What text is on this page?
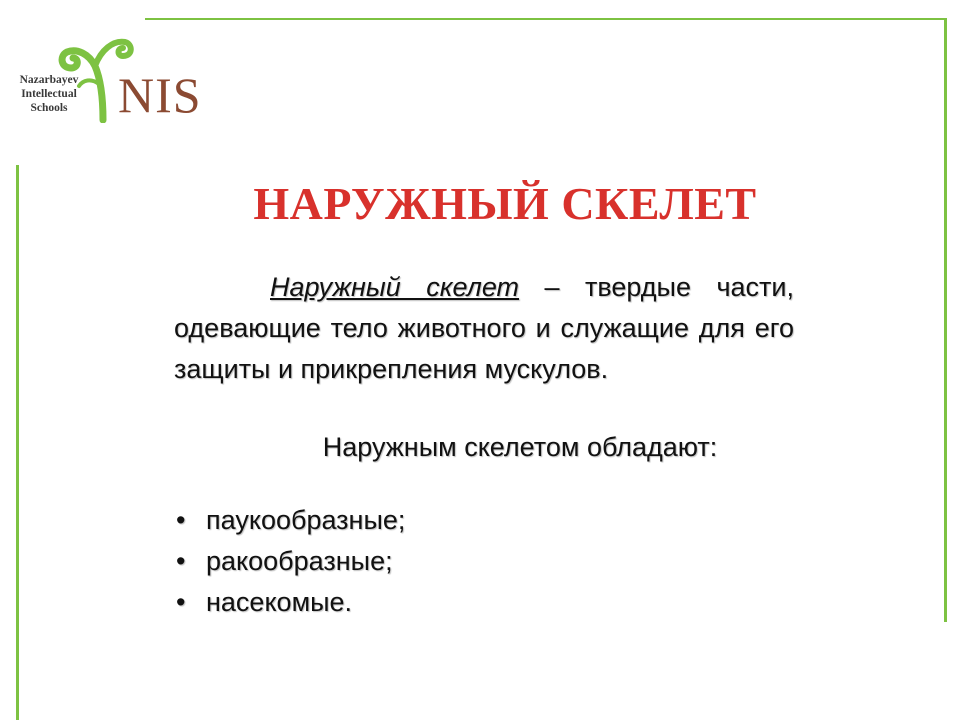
Nazarbayev
Intellectual
Schools	NIS
НАРУЖНЫЙ СКЕЛЕТ

Наружный скелет – твердые части, одевающие тело животного и служащие для его защиты и прикрепления мускулов.

Наружным скелетом обладают:
• паукообразные;
• ракообразные;
• насекомые.
